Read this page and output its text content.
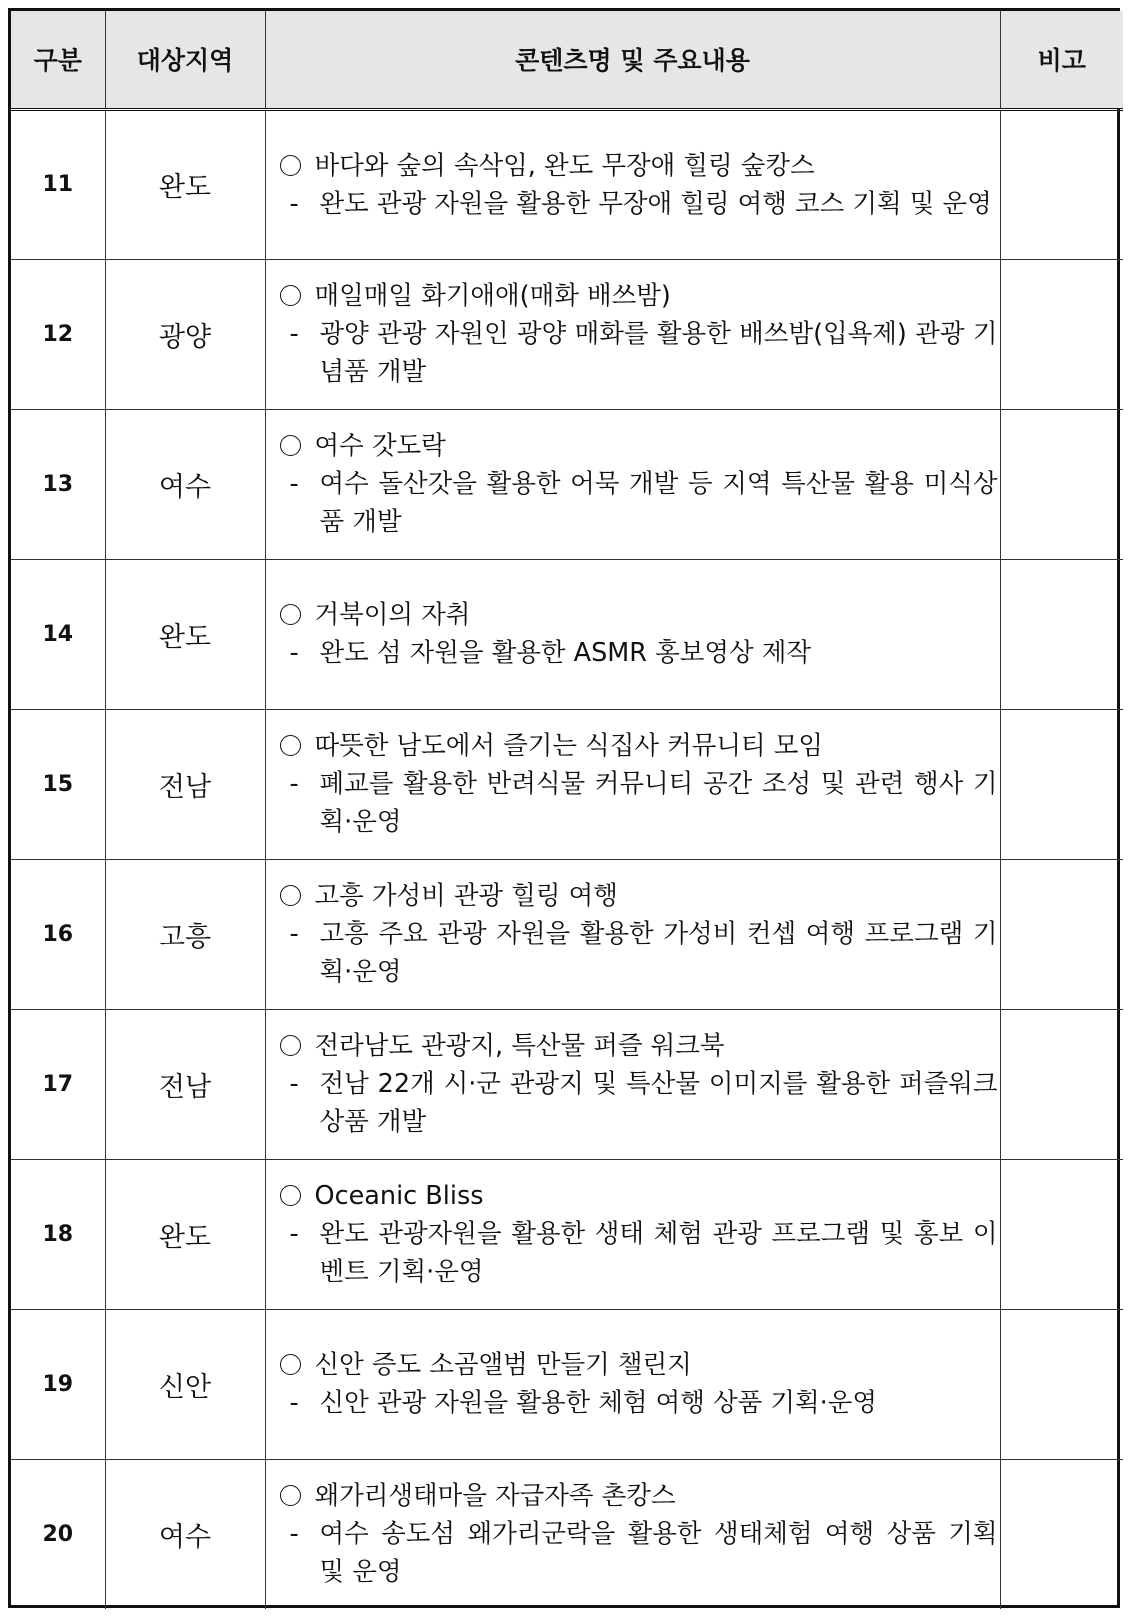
구분	대상지역	콘텐츠명 및 주요내용	비고
11	완도	바다와 숲의 속삭임, 완도 무장애 힐링 숲캉스
- 완도 관광 자원을 활용한 무장애 힐링 여행 코스 기획 및 운영	

12	광양	매일매일 화기애애(매화 배쓰밤)
- 광양 관광 자원인 광양 매화를 활용한 배쓰밤(입욕제) 관광 기념품 개발	

13	여수	여수 갓도락
- 여수 돌산갓을 활용한 어묵 개발 등 지역 특산물 활용 미식상품 개발	

14	완도	거북이의 자취
- 완도 섬 자원을 활용한 ASMR 홍보영상 제작	

15	전남	따뜻한 남도에서 즐기는 식집사 커뮤니티 모임
- 폐교를 활용한 반려식물 커뮤니티 공간 조성 및 관련 행사 기획·운영	

16	고흥	고흥 가성비 관광 힐링 여행
- 고흥 주요 관광 자원을 활용한 가성비 컨셉 여행 프로그램 기획·운영	

17	전남	전라남도 관광지, 특산물 퍼즐 워크북
- 전남 22개 시·군 관광지 및 특산물 이미지를 활용한 퍼즐워크 상품 개발	

18	완도	Oceanic Bliss
- 완도 관광자원을 활용한 생태 체험 관광 프로그램 및 홍보 이벤트 기획·운영	

19	신안	신안 증도 소곰앨범 만들기 챌린지
- 신안 관광 자원을 활용한 체험 여행 상품 기획·운영	

20	여수	왜가리생태마을 자급자족 촌캉스
- 여수 송도섬 왜가리군락을 활용한 생태체험 여행 상품 기획 및 운영	
